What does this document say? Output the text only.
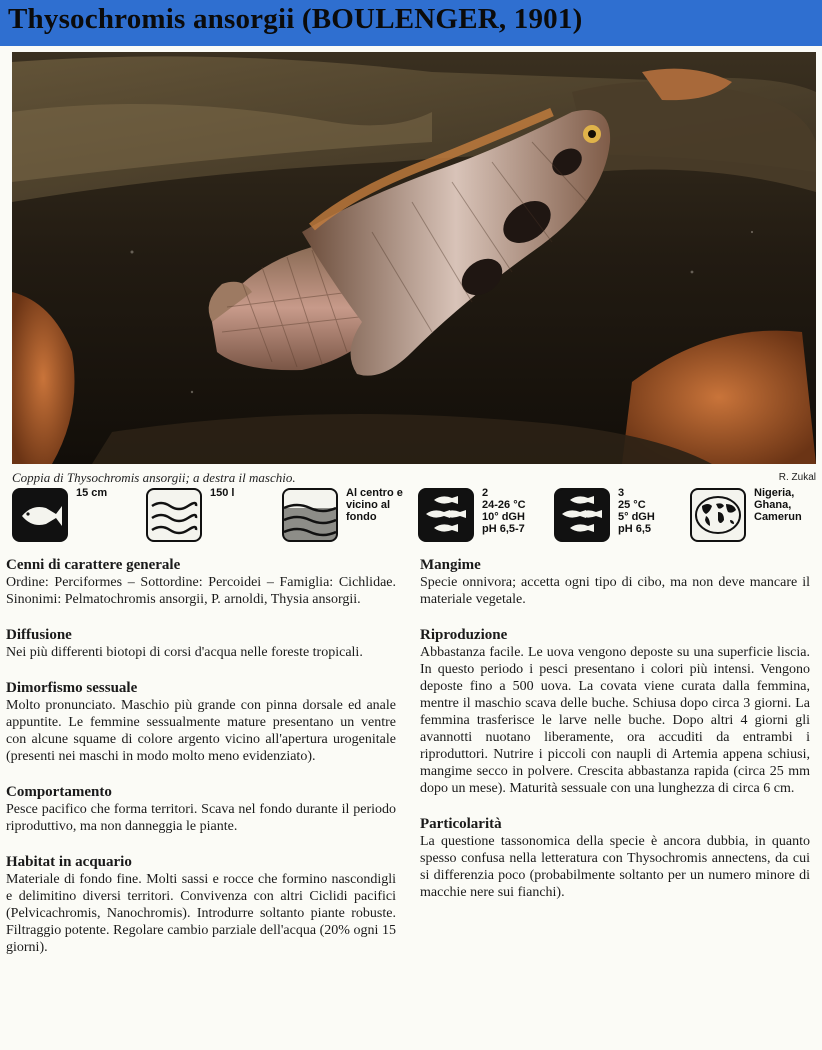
Thysochromis ansorgii (BOULENGER, 1901)
Coppia di Thysochromis ansorgii; a destra il maschio.	R. Zukal
15 cm	150 l	Al centro e
vicino al
fondo
2
24-26 °C
10° dGH
pH 6,5-7
3
25 °C
5° dGH
pH 6,5
Nigeria,
Ghana,
Camerun
Cenni di carattere generale

Ordine: Perciformes – Sottordine: Percoidei – Famiglia: Cichlidae. Sinonimi: Pelmatochromis ansorgii, P. arnoldi, Thysia ansorgii.

Diffusione

Nei più differenti biotopi di corsi d'acqua nelle foreste tropicali.

Dimorfismo sessuale

Molto pronunciato. Maschio più grande con pinna dorsale ed anale appuntite. Le femmine sessualmente mature presentano un ventre con alcune squame di colore argento vicino all'apertura urogenitale (presenti nei maschi in modo molto meno evidenziato).

Comportamento

Pesce pacifico che forma territori. Scava nel fondo durante il periodo riproduttivo, ma non danneggia le piante.

Habitat in acquario

Materiale di fondo fine. Molti sassi e rocce che formino nascondigli e delimitino diversi territori. Convivenza con altri Ciclidi pacifici (Pelvicachromis, Nanochromis). Introdurre soltanto piante robuste. Filtraggio potente. Regolare cambio parziale dell'acqua (20% ogni 15 giorni).

Mangime

Specie onnivora; accetta ogni tipo di cibo, ma non deve mancare il materiale vegetale.

Riproduzione

Abbastanza facile. Le uova vengono deposte su una superficie liscia. In questo periodo i pesci presentano i colori più intensi. Vengono deposte fino a 500 uova. La covata viene curata dalla femmina, mentre il maschio scava delle buche. Schiusa dopo circa 3 giorni. La femmina trasferisce le larve nelle buche. Dopo altri 4 giorni gli avannotti nuotano liberamente, ora accuditi da entrambi i riproduttori. Nutrire i piccoli con naupli di Artemia appena schiusi, mangime secco in polvere. Crescita abbastanza rapida (circa 25 mm dopo un mese). Maturità sessuale con una lunghezza di circa 6 cm.

Particolarità

La questione tassonomica della specie è ancora dubbia, in quanto spesso confusa nella letteratura con Thysochromis annectens, da cui si differenzia poco (probabilmente soltanto per un numero minore di macchie nere sui fianchi).
